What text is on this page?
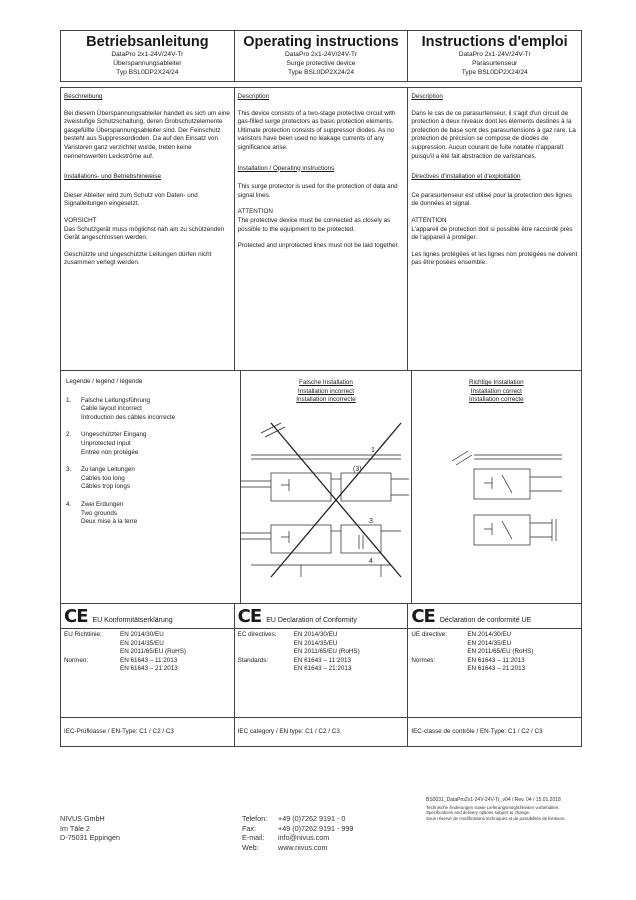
Betriebsanleitung
DataPro 2x1-24V/24V-Tr
Überspannungsableiter
Typ BSL0DP2X24/24
Operating instructions
DataPro 2x1-24V/24V-Tr
Surge protective device
Type BSL0DP2X24/24
Instructions d'emploi
DataPro 2x1-24V/24V-Tr
Parasurtenseur
Type BSL0DP2X24/24
Beschreibung

Bei diesem Überspannungsableiter handelt es sich um eine zweistufige Schutzschaltung, deren Grobschutzelemente gasgefüllte Überspannungsableiter sind. Der Feinschutz besteht aus Suppressordioden. Da auf den Einsatz von Varistoren ganz verzichtet wurde, treten keine nennenswerten Leckströme auf.

Installations- und Betriebshinweise

Dieser Ableiter wird zum Schutz von Daten- und Signalleitungen eingesetzt.

VORSICHT

Das Schutzgerät muss möglichst nah am zu schützenden Gerät angeschlossen werden.

Geschützte und ungeschützte Leitungen dürfen nicht zusammen verlegt werden.

Description

This device consists of a two-stage protective circuit with gas-filled surge protectors as basic protection elements. Ultimate protection consists of suppressor diodes. As no varistors have been used no leakage currents of any significance arise.

Installation / Operating instructions

This surge protector is used for the protection of data and signal lines.

ATTENTION

The protective device must be connected as closely as possible to the equipment to be protected.

Protected and unprotected lines must not be laid together.

Description

Dans le cas de ce parasurtenseur, il s'agit d'un circuit de protection à deux niveaux dont les éléments destinés à la protection de base sont des parasurtensions à gaz rare. La protection de précision se compose de diodes de suppression. Aucun courant de fuite notable n'apparaît puisqu'il a été fait abstraction de varistances.

Directives d'installation et d'exploitation

Ce parasurtenseur est utilisé pour la protection des lignes de données et signal.

ATTENTION

L'appareil de protection doit si possible être raccordé près de l'appareil à protéger.

Les lignes protégées et les lignes non protégées ne doivent pas être posées ensemble.

Legende / legend / légende
1.	Falsche Leitungsführung
Cable layout incorrect
Introduction des câbles incorrecte
2.	Ungeschützter Eingang
Unprotected input
Entrée non protégée
3.	Zu lange Leitungen
Cables too long
Câbles trop longs
4.	Zwei Erdungen
Two grounds
Deux mise à la terre
Falsche Installation
Installation incorrect
Installation incorrecte
1
(3)
3
4
Richtige Installation
Installation correct
Installation correcte
CE EU Konformitätserklärung
EU Richtlinie:	EN 2014/30/EU
EN 2014/35/EU
EN 2011/65/EU (RoHS)
Normen:	EN 61643 – 11:2013
EN 61643 – 21:2013
IEC-Prüfklasse / EN-Type: C1 / C2 / C3
CE EU Declaration of Conformity
EC directives:	EN 2014/30/EU
EN 2014/35/EU
EN 2011/65/EU (RoHS)
Standards:	EN 61643 – 11:2013
EN 61643 – 21:2013
IEC category / EN type: C1 / C2 / C3
CE Déclaration de conformité UE
UE directive:	EN 2014/30/EU
EN 2014/35/EU
EN 2011/65/EU (RoHS)
Normes:	EN 61643 – 11:2013
EN 61643 – 21:2013
IEC-classe de contrôle / EN-Type: C1 / C2 / C3
NIVUS GmbH
Im Täle 2
D-75031 Eppingen
Telefon:	+49 (0)7262 9191 - 0
Fax:	+49 (0)7262 9191 - 999
E-mail:	info@nivus.com
Web:	www.nivus.com
BS0031_DataPro2x1-24V-24V-Tr_v04 / Rev. 04 / 15.01.2018
Technische Änderungen sowie Lieferungsmöglichkeiten vorbehalten.
Specifications and delivery options subject to change.
Sous réserve de modifications techniques et de possibilités de livraison.
